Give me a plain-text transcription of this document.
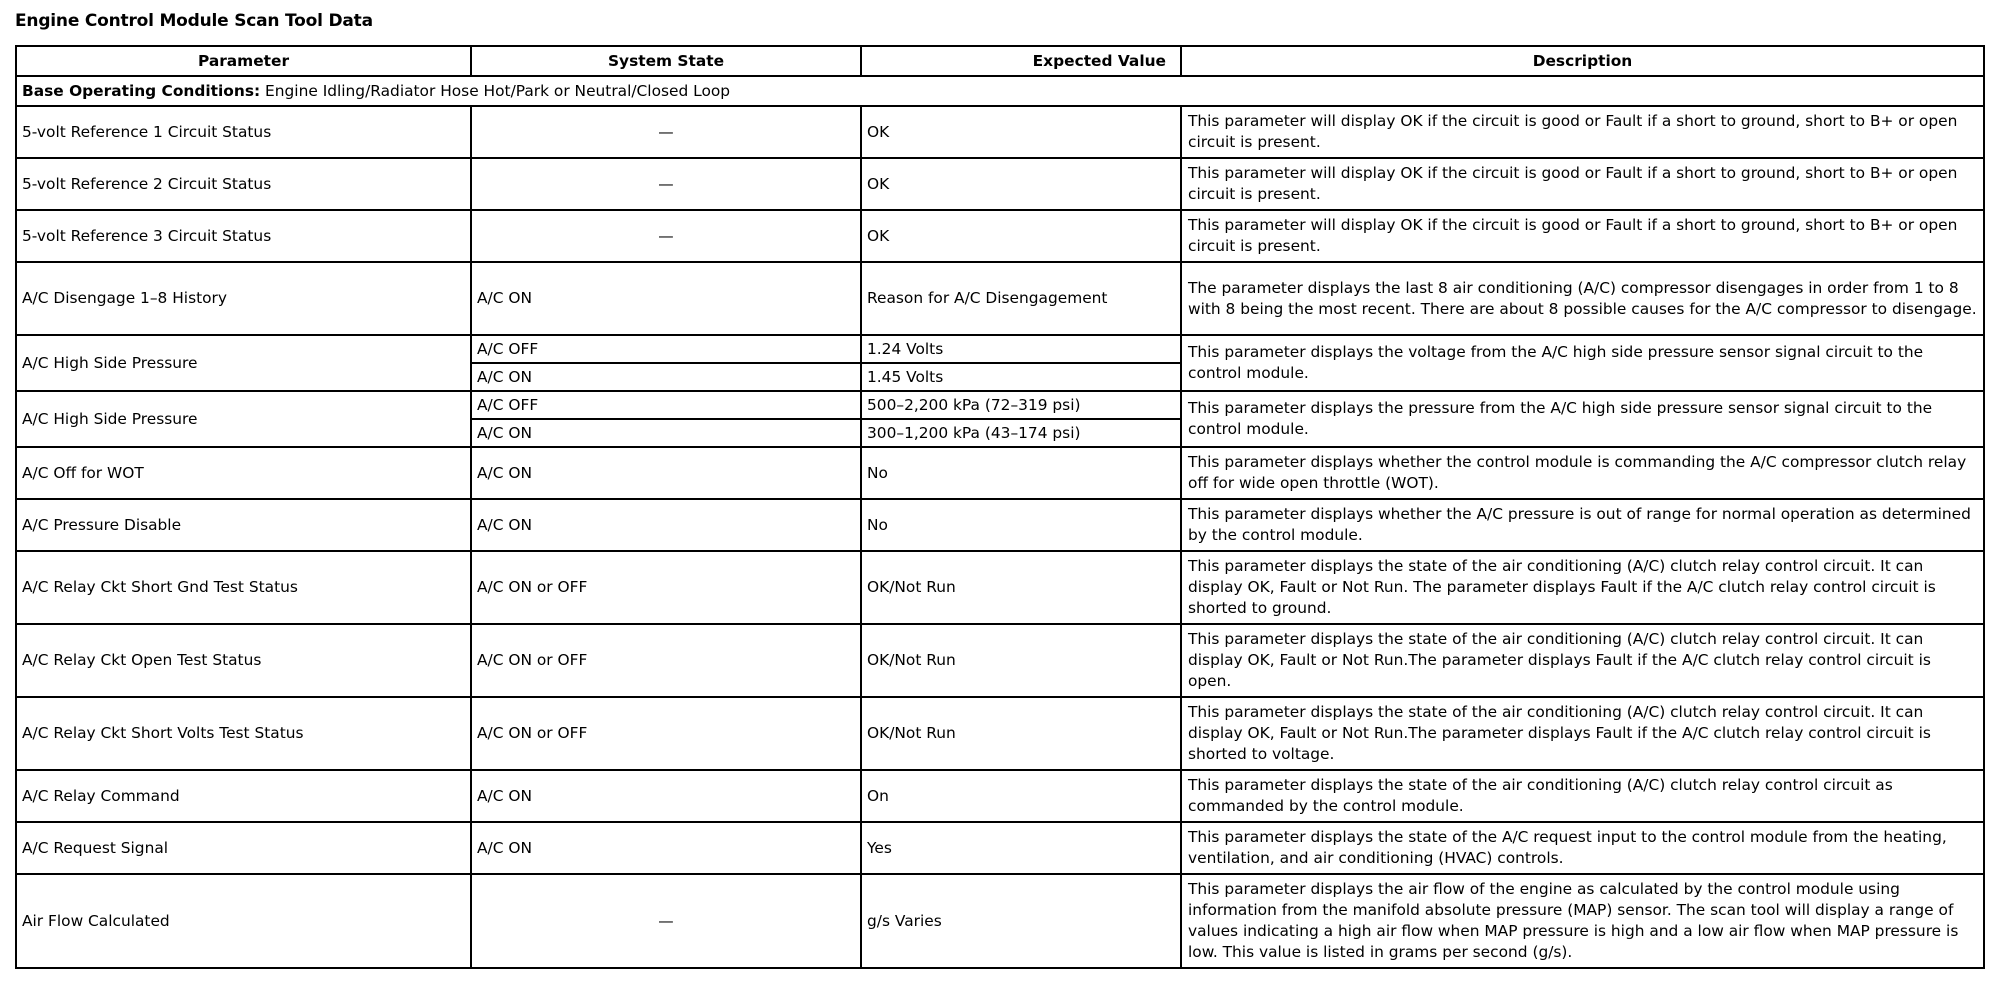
Engine Control Module Scan Tool Data
Parameter	System State	Expected Value	Description
Base Operating Conditions: Engine Idling/Radiator Hose Hot/Park or Neutral/Closed Loop			
5-volt Reference 1 Circuit Status	—	OK	This parameter will display OK if the circuit is good or Fault if a short to ground, short to B+ or open circuit is present.
5-volt Reference 2 Circuit Status	—	OK	This parameter will display OK if the circuit is good or Fault if a short to ground, short to B+ or open circuit is present.
5-volt Reference 3 Circuit Status	—	OK	This parameter will display OK if the circuit is good or Fault if a short to ground, short to B+ or open circuit is present.
A/C Disengage 1–8 History	A/C ON	Reason for A/C Disengagement	The parameter displays the last 8 air conditioning (A/C) compressor disengages in order from 1 to 8 with 8 being the most recent. There are about 8 possible causes for the A/C compressor to disengage.
A/C High Side Pressure	A/C OFF	1.24 Volts	This parameter displays the voltage from the A/C high side pressure sensor signal circuit to the control module.
	A/C ON	1.45 Volts	
A/C High Side Pressure	A/C OFF	500–2,200 kPa (72–319 psi)	This parameter displays the pressure from the A/C high side pressure sensor signal circuit to the control module.
	A/C ON	300–1,200 kPa (43–174 psi)	
A/C Off for WOT	A/C ON	No	This parameter displays whether the control module is commanding the A/C compressor clutch relay off for wide open throttle (WOT).
A/C Pressure Disable	A/C ON	No	This parameter displays whether the A/C pressure is out of range for normal operation as determined by the control module.
A/C Relay Ckt Short Gnd Test Status	A/C ON or OFF	OK/Not Run	This parameter displays the state of the air conditioning (A/C) clutch relay control circuit. It can display OK, Fault or Not Run. The parameter displays Fault if the A/C clutch relay control circuit is shorted to ground.
A/C Relay Ckt Open Test Status	A/C ON or OFF	OK/Not Run	This parameter displays the state of the air conditioning (A/C) clutch relay control circuit. It can display OK, Fault or Not Run.The parameter displays Fault if the A/C clutch relay control circuit is open.
A/C Relay Ckt Short Volts Test Status	A/C ON or OFF	OK/Not Run	This parameter displays the state of the air conditioning (A/C) clutch relay control circuit. It can display OK, Fault or Not Run.The parameter displays Fault if the A/C clutch relay control circuit is shorted to voltage.
A/C Relay Command	A/C ON	On	This parameter displays the state of the air conditioning (A/C) clutch relay control circuit as commanded by the control module.
A/C Request Signal	A/C ON	Yes	This parameter displays the state of the A/C request input to the control module from the heating, ventilation, and air conditioning (HVAC) controls.
Air Flow Calculated	—	g/s Varies	This parameter displays the air flow of the engine as calculated by the control module using information from the manifold absolute pressure (MAP) sensor. The scan tool will display a range of values indicating a high air flow when MAP pressure is high and a low air flow when MAP pressure is low. This value is listed in grams per second (g/s).
